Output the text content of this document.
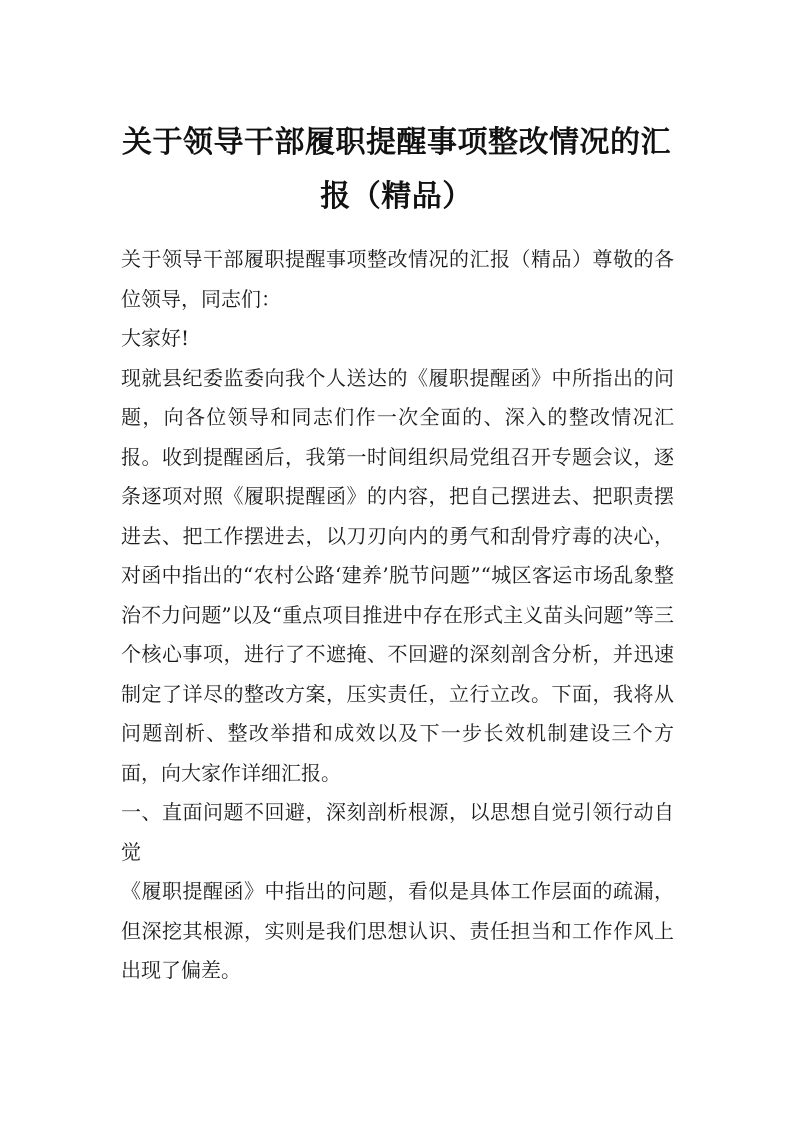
关于领导干部履职提醒事项整改情况的汇报（精品）

关于领导干部履职提醒事项整改情况的汇报（精品）尊敬的各位领导，同志们：

大家好!

现就县纪委监委向我个人送达的《履职提醒函》中所指出的问题，向各位领导和同志们作一次全面的、深入的整改情况汇报。收到提醒函后，我第一时间组织局党组召开专题会议，逐条逐项对照《履职提醒函》的内容，把自己摆进去、把职责摆进去、把工作摆进去，以刀刃向内的勇气和刮骨疗毒的决心，对函中指出的“农村公路‘建养’脱节问题”“城区客运市场乱象整治不力问题”以及“重点项目推进中存在形式主义苗头问题”等三个核心事项，进行了不遮掩、不回避的深刻剖含分析，并迅速制定了详尽的整改方案，压实责任，立行立改。下面，我将从问题剖析、整改举措和成效以及下一步长效机制建设三个方面，向大家作详细汇报。

一、直面问题不回避，深刻剖析根源，以思想自觉引领行动自觉

《履职提醒函》中指出的问题，看似是具体工作层面的疏漏，但深挖其根源，实则是我们思想认识、责任担当和工作作风上出现了偏差。
